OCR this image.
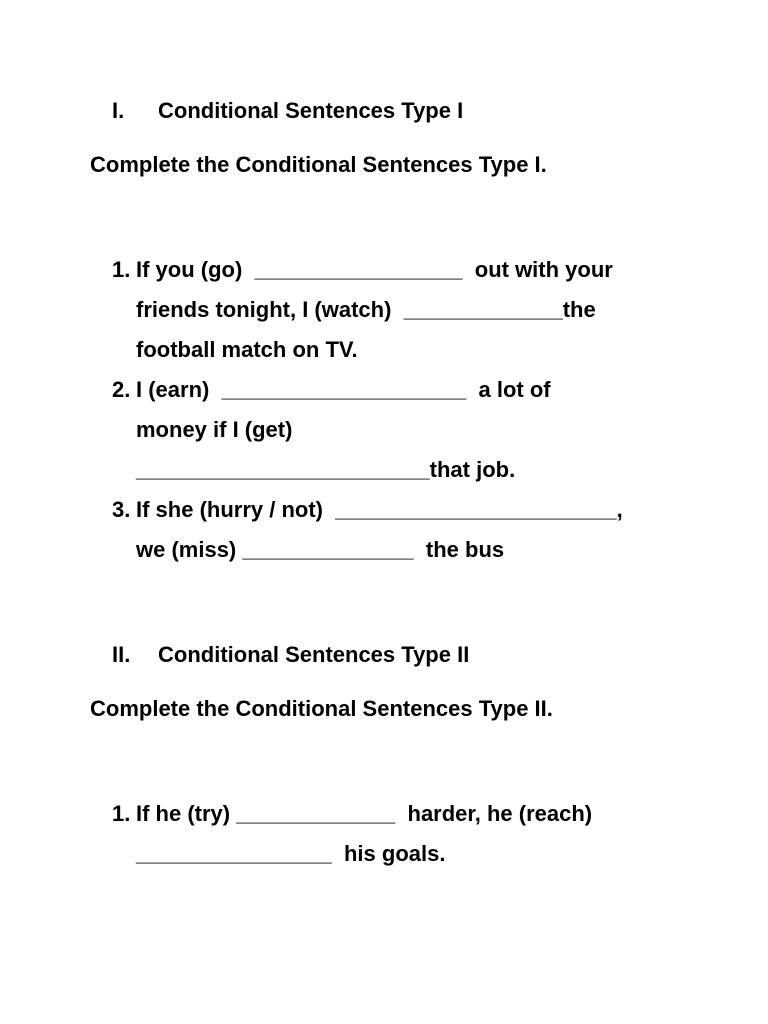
I. Conditional Sentences Type I
Complete the Conditional Sentences Type I.
1. If you (go)  _________________  out with your
friends tonight, I (watch)  _____________the
football match on TV.
2. I (earn)  ____________________  a lot of
money if I (get)
________________________that job.
3. If she (hurry / not)  _______________________,
we (miss) ______________  the bus
II. Conditional Sentences Type II
Complete the Conditional Sentences Type II.
1. If he (try) _____________  harder, he (reach)
________________  his goals.
